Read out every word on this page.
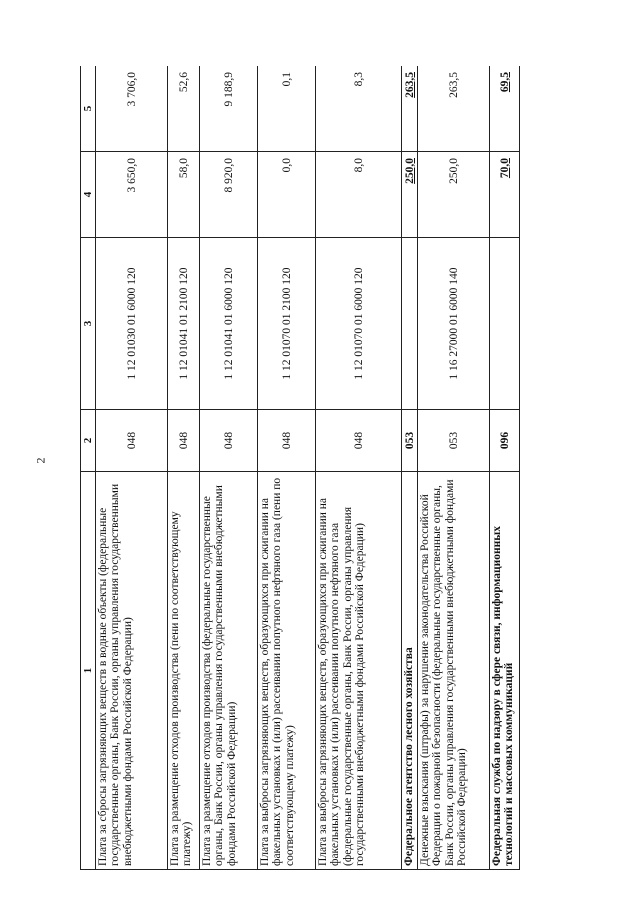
2
1	2	3	4	5
Плата за сбросы загрязняющих веществ в водные объекты (федеральные государственные органы, Банк России, органы управления государственными внебюджетными фондами Российской Федерации)	048	1 12 01030 01 6000 120	3 650,0	3 706,0
Плата за размещение отходов производства (пени по соответствующему платежу)	048	1 12 01041 01 2100 120	58,0	52,6
Плата за размещение отходов производства (федеральные государственные органы, Банк России, органы управления государственными внебюджетными фондами Российской Федерации)	048	1 12 01041 01 6000 120	8 920,0	9 188,9
Плата за выбросы загрязняющих веществ, образующихся при сжигании на факельных установках и (или) рассеивании попутного нефтяного газа (пени по соответствующему платежу)	048	1 12 01070 01 2100 120	0,0	0,1
Плата за выбросы загрязняющих веществ, образующихся при сжигании на факельных установках и (или) рассеивании попутного нефтяного газа (федеральные государственные органы, Банк России, органы управления государственными внебюджетными фондами Российской Федерации)	048	1 12 01070 01 6000 120	8,0	8,3
Федеральное агентство лесного хозяйства	053		250,0	263,5
Денежные взыскания (штрафы) за нарушение законодательства Российской Федерации о пожарной безопасности (федеральные государственные органы, Банк России, органы управления государственными внебюджетными фондами Российской Федерации)	053	1 16 27000 01 6000 140	250,0	263,5
Федеральная служба по надзору в сфере связи, информационных технологий и массовых коммуникаций	096		70,0	69,5
